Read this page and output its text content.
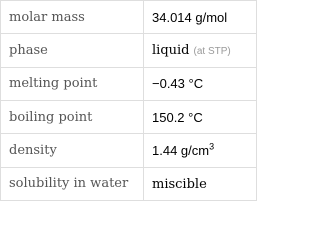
molar mass	34.014 g/mol
phase	liquid (at STP)
melting point	−0.43 °C
boiling point	150.2 °C
density	1.44 $g/cm^3$
solubility in water	miscible
